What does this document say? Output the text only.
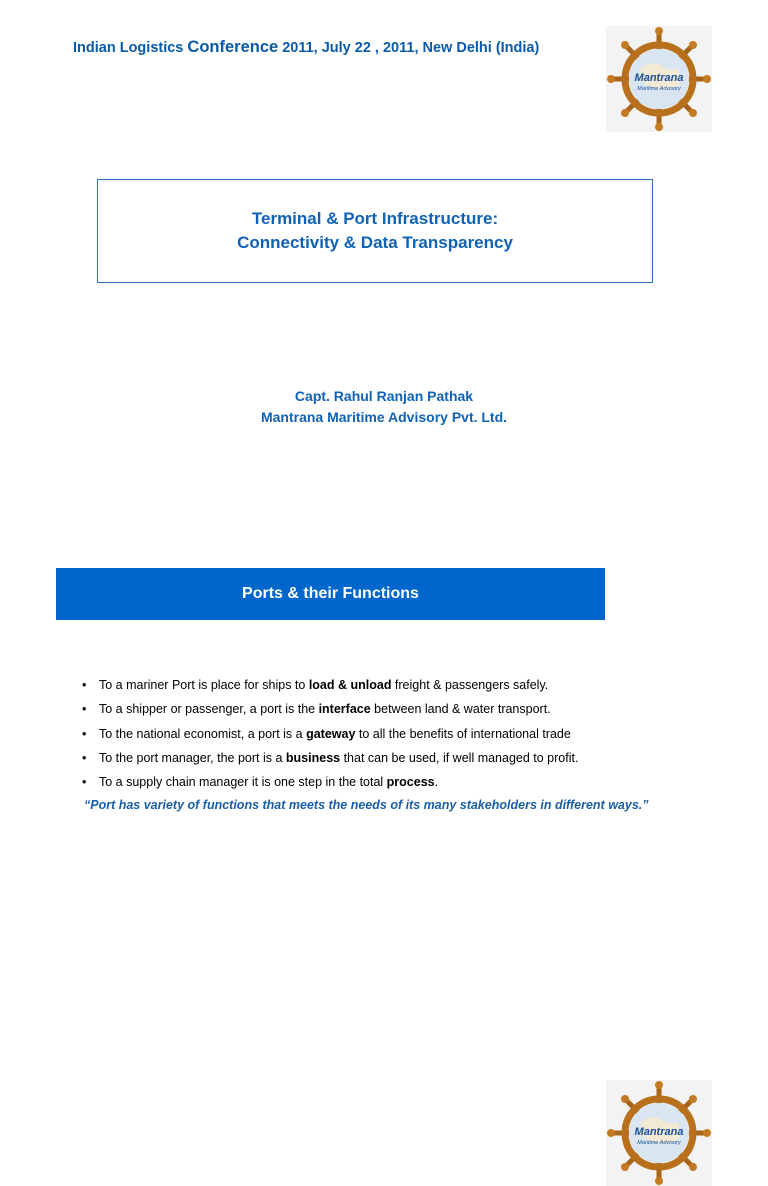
Indian Logistics Conference 2011, July 22 , 2011, New Delhi (India)
Mantrana
Maritime Advisory
Terminal & Port Infrastructure:
Connectivity & Data Transparency
Capt. Rahul Ranjan Pathak
Mantrana Maritime Advisory Pvt. Ltd.
Ports & their Functions
Mantrana
Maritime Advisory
•	To a mariner Port is place for ships to load & unload freight & passengers safely.
•	To a shipper or passenger, a port is the interface between land & water transport.
•	To the national economist, a port is a gateway to all the benefits of international trade
•	To the port manager, the port is a business that can be used, if well managed to profit.
•	To a supply chain manager it is one step in the total process.
“Port has variety of functions that meets the needs of its many stakeholders in different ways.”
